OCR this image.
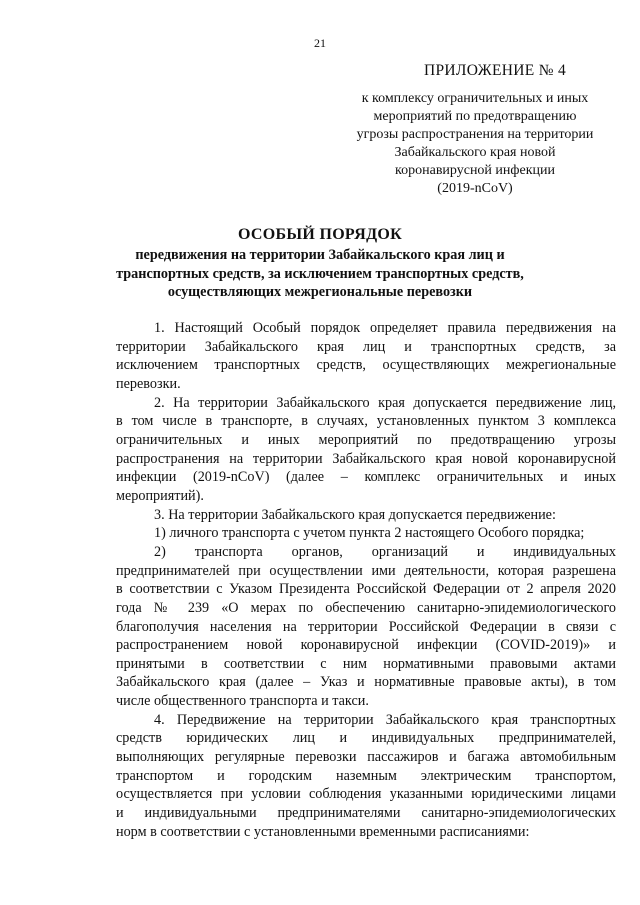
21
ПРИЛОЖЕНИЕ № 4
к комплексу ограничительных и иных
мероприятий по предотвращению
угрозы распространения на территории
Забайкальского края новой
коронавирусной инфекции
(2019-nCoV)
ОСОБЫЙ ПОРЯДОК
передвижения на территории Забайкальского края лиц и
транспортных средств, за исключением транспортных средств,
осуществляющих межрегиональные перевозки

1. Настоящий Особый порядок определяет правила передвижения на
территории Забайкальского края лиц и транспортных средств, за
исключением транспортных средств, осуществляющих межрегиональные
перевозки.

2. На территории Забайкальского края допускается передвижение лиц,
в том числе в транспорте, в случаях, установленных пунктом 3 комплекса
ограничительных и иных мероприятий по предотвращению угрозы
распространения на территории Забайкальского края новой коронавирусной
инфекции (2019-nCoV) (далее – комплекс ограничительных и иных
мероприятий).

3. На территории Забайкальского края допускается передвижение:

1) личного транспорта с учетом пункта 2 настоящего Особого порядка;

2) транспорта органов, организаций и индивидуальных
предпринимателей при осуществлении ими деятельности, которая разрешена
в соответствии с Указом Президента Российской Федерации от 2 апреля 2020
года № 239 «О мерах по обеспечению санитарно-эпидемиологического
благополучия населения на территории Российской Федерации в связи с
распространением новой коронавирусной инфекции (COVID-2019)» и
принятыми в соответствии с ним нормативными правовыми актами
Забайкальского края (далее – Указ и нормативные правовые акты), в том
числе общественного транспорта и такси.

4. Передвижение на территории Забайкальского края транспортных
средств юридических лиц и индивидуальных предпринимателей,
выполняющих регулярные перевозки пассажиров и багажа автомобильным
транспортом и городским наземным электрическим транспортом,
осуществляется при условии соблюдения указанными юридическими лицами
и индивидуальными предпринимателями санитарно-эпидемиологических
норм в соответствии с установленными временными расписаниями:
